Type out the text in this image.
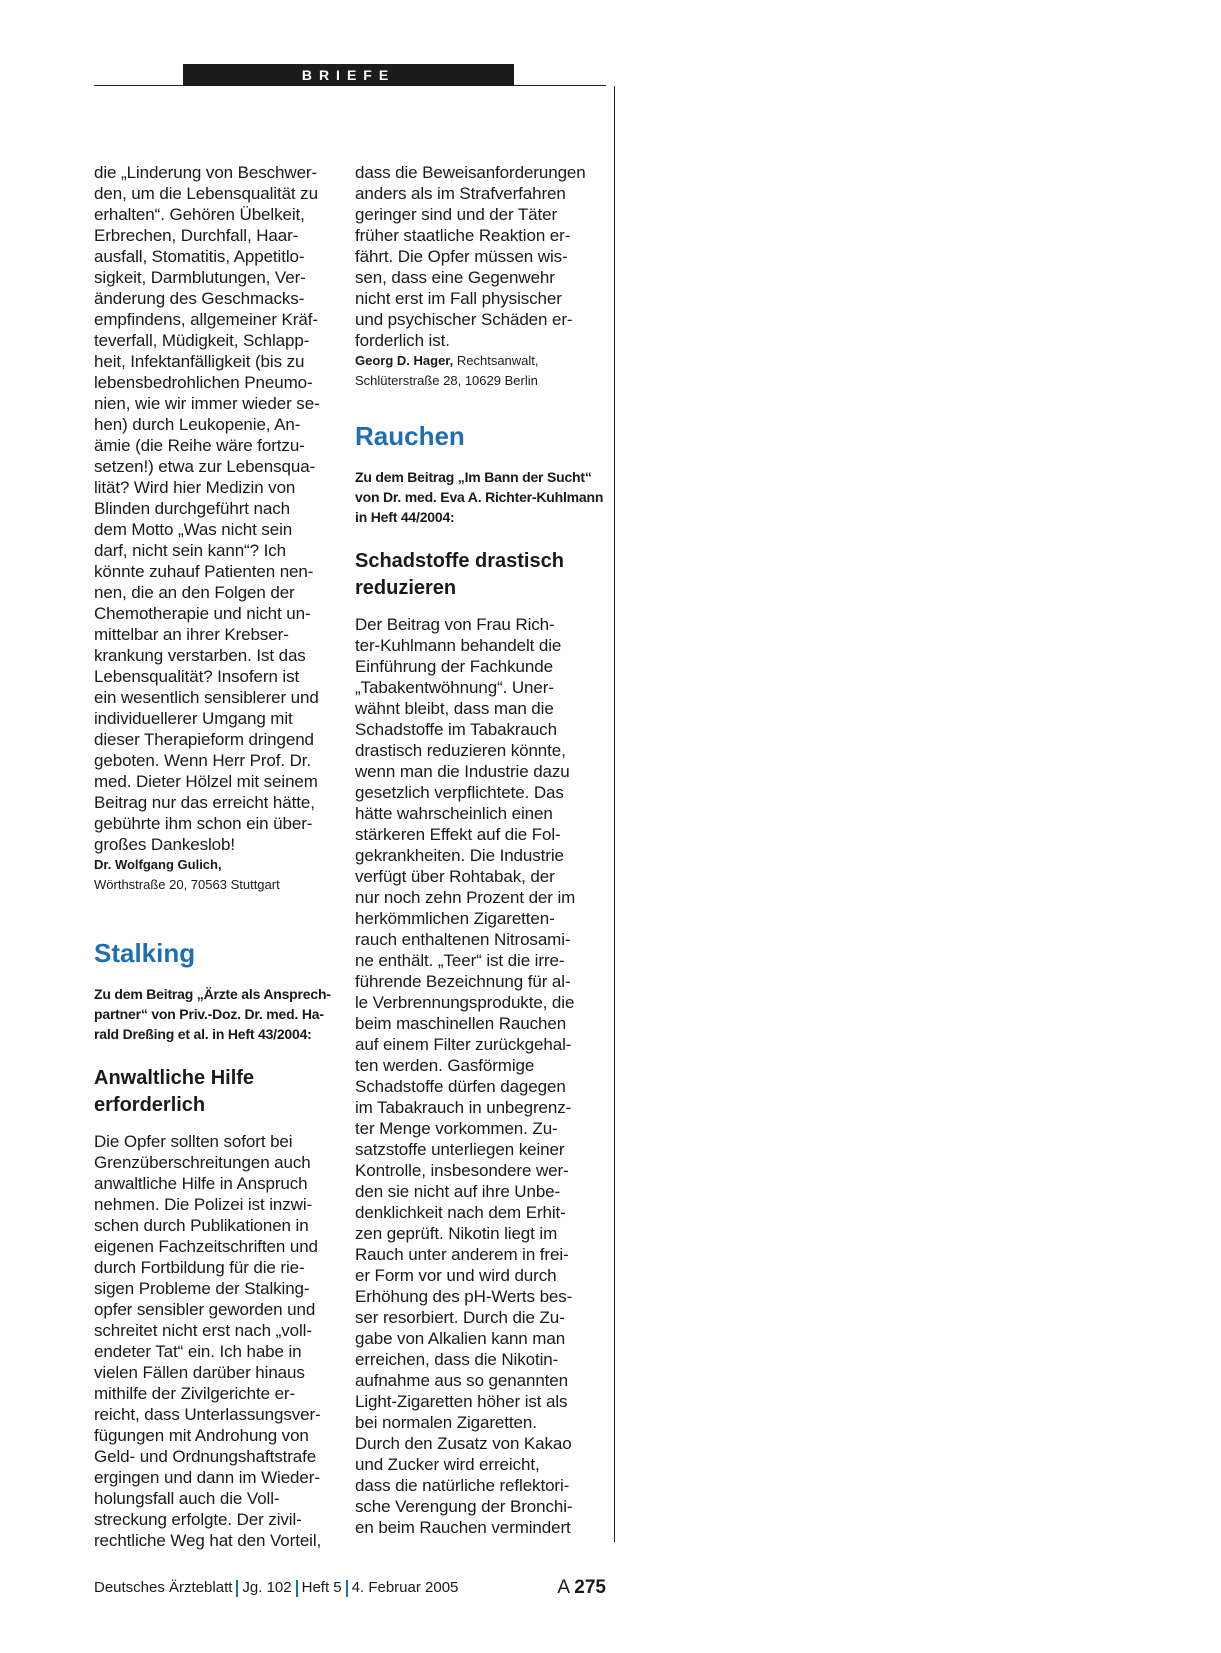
BRIEFE

die „Linderung von Beschwer-
den, um die Lebensqualität zu
erhalten“. Gehören Übelkeit,
Erbrechen, Durchfall, Haar-
ausfall, Stomatitis, Appetitlo-
sigkeit, Darmblutungen, Ver-
änderung des Geschmacks-
empfindens, allgemeiner Kräf-
teverfall, Müdigkeit, Schlapp-
heit, Infektanfälligkeit (bis zu
lebensbedrohlichen Pneumo-
nien, wie wir immer wieder se-
hen) durch Leukopenie, An-
ämie (die Reihe wäre fortzu-
setzen!) etwa zur Lebensqua-
lität? Wird hier Medizin von
Blinden durchgeführt nach
dem Motto „Was nicht sein
darf, nicht sein kann“? Ich
könnte zuhauf Patienten nen-
nen, die an den Folgen der
Chemotherapie und nicht un-
mittelbar an ihrer Krebser-
krankung verstarben. Ist das
Lebensqualität? Insofern ist
ein wesentlich sensiblerer und
individuellerer Umgang mit
dieser Therapieform dringend
geboten. Wenn Herr Prof. Dr.
med. Dieter Hölzel mit seinem
Beitrag nur das erreicht hätte,
gebührte ihm schon ein über-
großes Dankeslob!

Dr. Wolfgang Gulich,
Wörthstraße 20, 70563 Stuttgart

Stalking

Zu dem Beitrag „Ärzte als Ansprech-
partner“ von Priv.-Doz. Dr. med. Ha-
rald Dreßing et al. in Heft 43/2004:

Anwaltliche Hilfe
erforderlich

Die Opfer sollten sofort bei
Grenzüberschreitungen auch
anwaltliche Hilfe in Anspruch
nehmen. Die Polizei ist inzwi-
schen durch Publikationen in
eigenen Fachzeitschriften und
durch Fortbildung für die rie-
sigen Probleme der Stalking-
opfer sensibler geworden und
schreitet nicht erst nach „voll-
endeter Tat“ ein. Ich habe in
vielen Fällen darüber hinaus
mithilfe der Zivilgerichte er-
reicht, dass Unterlassungsver-
fügungen mit Androhung von
Geld- und Ordnungshaftstrafe
ergingen und dann im Wieder-
holungsfall auch die Voll-
streckung erfolgte. Der zivil-
rechtliche Weg hat den Vorteil,

dass die Beweisanforderungen
anders als im Strafverfahren
geringer sind und der Täter
früher staatliche Reaktion er-
fährt. Die Opfer müssen wis-
sen, dass eine Gegenwehr
nicht erst im Fall physischer
und psychischer Schäden er-
forderlich ist.

Georg D. Hager, Rechtsanwalt,
Schlüterstraße 28, 10629 Berlin

Rauchen

Zu dem Beitrag „Im Bann der Sucht“
von Dr. med. Eva A. Richter-Kuhlmann
in Heft 44/2004:

Schadstoffe drastisch
reduzieren

Der Beitrag von Frau Rich-
ter-Kuhlmann behandelt die
Einführung der Fachkunde
„Tabakentwöhnung“. Uner-
wähnt bleibt, dass man die
Schadstoffe im Tabakrauch
drastisch reduzieren könnte,
wenn man die Industrie dazu
gesetzlich verpflichtete. Das
hätte wahrscheinlich einen
stärkeren Effekt auf die Fol-
gekrankheiten. Die Industrie
verfügt über Rohtabak, der
nur noch zehn Prozent der im
herkömmlichen Zigaretten-
rauch enthaltenen Nitrosami-
ne enthält. „Teer“ ist die irre-
führende Bezeichnung für al-
le Verbrennungsprodukte, die
beim maschinellen Rauchen
auf einem Filter zurückgehal-
ten werden. Gasförmige
Schadstoffe dürfen dagegen
im Tabakrauch in unbegrenz-
ter Menge vorkommen. Zu-
satzstoffe unterliegen keiner
Kontrolle, insbesondere wer-
den sie nicht auf ihre Unbe-
denklichkeit nach dem Erhit-
zen geprüft. Nikotin liegt im
Rauch unter anderem in frei-
er Form vor und wird durch
Erhöhung des pH-Werts bes-
ser resorbiert. Durch die Zu-
gabe von Alkalien kann man
erreichen, dass die Nikotin-
aufnahme aus so genannten
Light-Zigaretten höher ist als
bei normalen Zigaretten.
Durch den Zusatz von Kakao
und Zucker wird erreicht,
dass die natürliche reflektori-
sche Verengung der Bronchi-
en beim Rauchen vermindert

Deutsches Ärzteblatt Jg. 102 Heft 5 4. Februar 2005	A 275
